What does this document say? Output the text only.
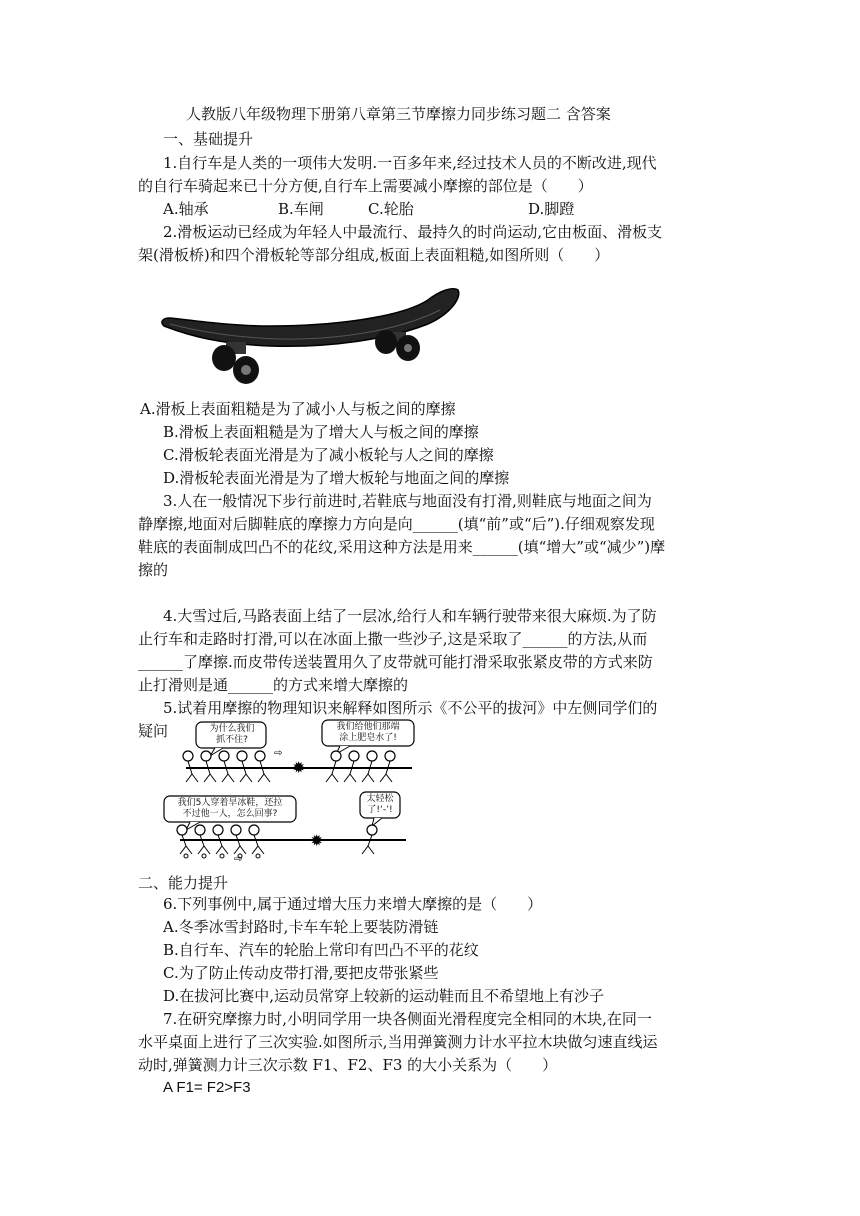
人教版八年级物理下册第八章第三节摩擦力同步练习题二 含答案
一、基础提升
1.自行车是人类的一项伟大发明.一百多年来,经过技术人员的不断改进,现代
的自行车骑起来已十分方便,自行车上需要减小摩擦的部位是（　　）
A.轴承	B.车闸	C.轮胎	D.脚蹬
2.滑板运动已经成为年轻人中最流行、最持久的时尚运动,它由板面、滑板支
架(滑板桥)和四个滑板轮等部分组成,板面上表面粗糙,如图所则（　　）
A.滑板上表面粗糙是为了减小人与板之间的摩擦
B.滑板上表面粗糙是为了增大人与板之间的摩擦
C.滑板轮表面光滑是为了减小板轮与人之间的摩擦
D.滑板轮表面光滑是为了增大板轮与地面之间的摩擦
3.人在一般情况下步行前进时,若鞋底与地面没有打滑,则鞋底与地面之间为
静摩擦,地面对后脚鞋底的摩擦力方向是向______(填“前”或“后”).仔细观察发现
鞋底的表面制成凹凸不的花纹,采用这种方法是用来______(填“增大”或“减少”)摩
擦的
4.大雪过后,马路表面上结了一层冰,给行人和车辆行驶带来很大麻烦.为了防
止行车和走路时打滑,可以在冰面上撒一些沙子,这是采取了______的方法,从而
______了摩擦.而皮带传送装置用久了皮带就可能打滑采取张紧皮带的方式来防
止打滑则是通______的方式来增大摩擦的
5.试着用摩擦的物理知识来解释如图所示《不公平的拔河》中左侧同学们的
疑问
⇨
✹
✹
⇨
为什么我们
抓不住?
我们给他们那端
涂上肥皂水了!
我们5人穿着旱冰鞋，还拉
不过他一人，怎么回事?
太轻松
了!‘-’!
二、能力提升
6.下列事例中,属于通过增大压力来增大摩擦的是（　　）
A.冬季冰雪封路时,卡车车轮上要装防滑链
B.自行车、汽车的轮胎上常印有凹凸不平的花纹
C.为了防止传动皮带打滑,要把皮带张紧些
D.在拔河比赛中,运动员常穿上较新的运动鞋而且不希望地上有沙子
7.在研究摩擦力时,小明同学用一块各侧面光滑程度完全相同的木块,在同一
水平桌面上进行了三次实验.如图所示,当用弹簧测力计水平拉木块做匀速直线运
动时,弹簧测力计三次示数 F1、F2、F3 的大小关系为（　　）
A F1= F2>F3
